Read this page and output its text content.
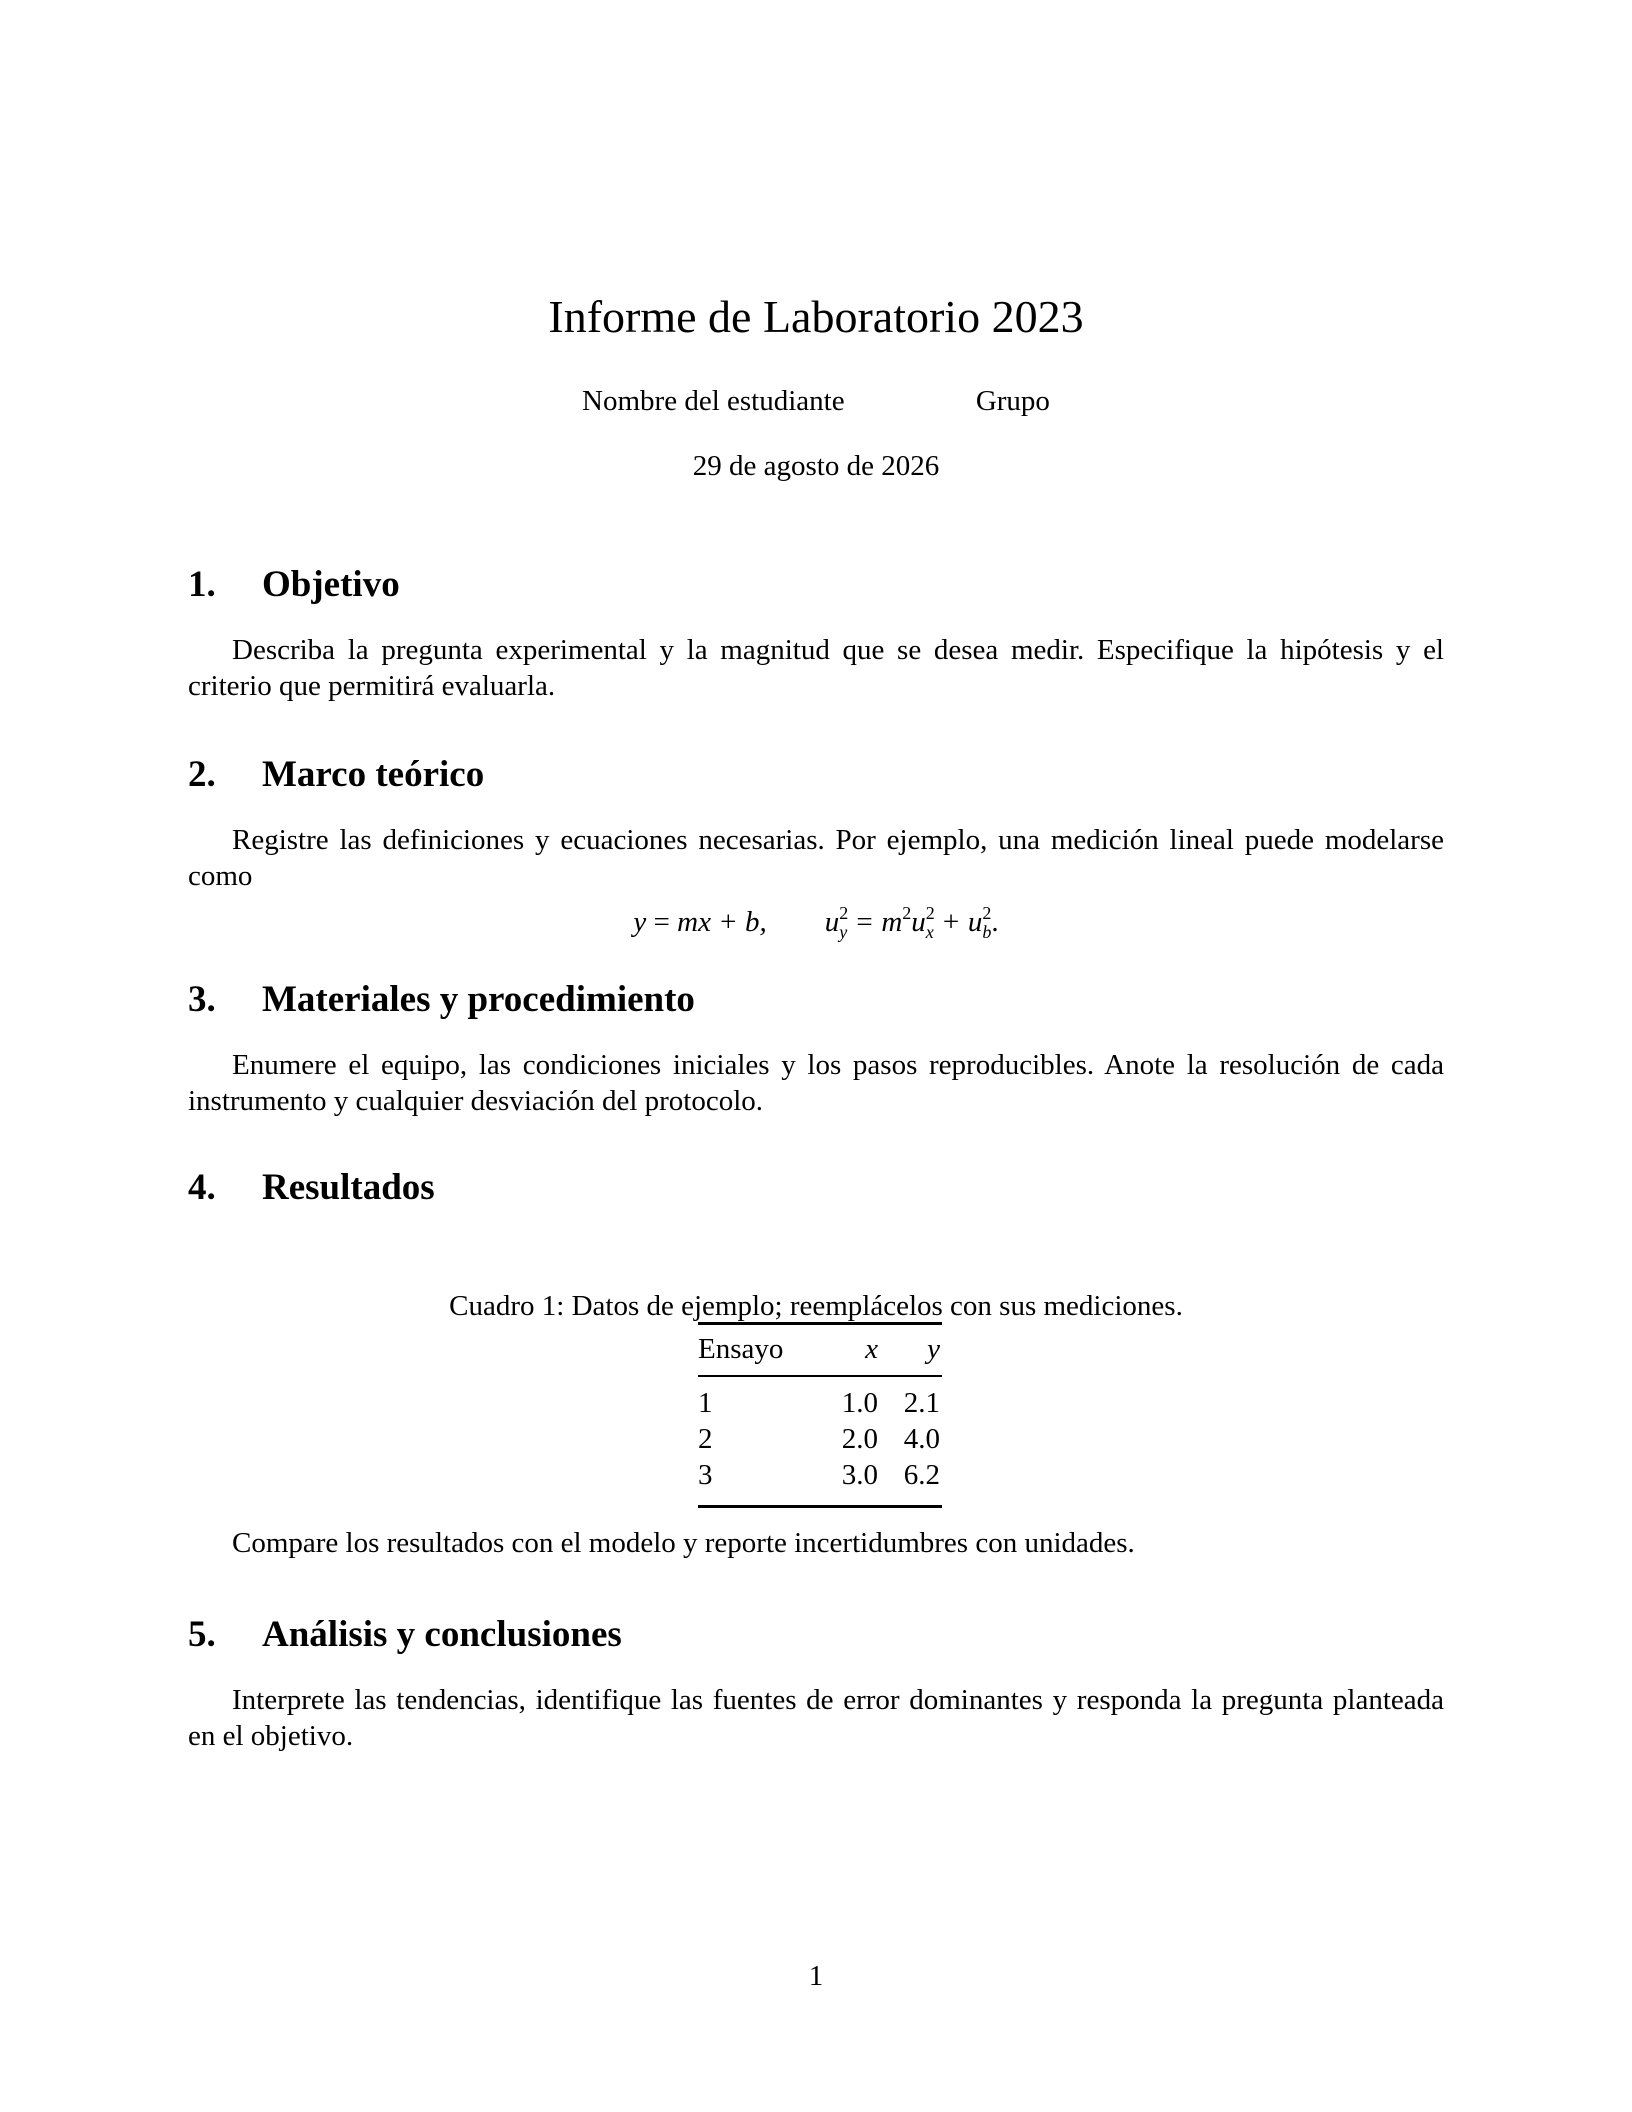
Informe de Laboratorio 2023
Nombre del estudiante	Grupo
29 de agosto de 2026
1. Objetivo

Describa la pregunta experimental y la magnitud que se desea medir. Especifique la hipótesis y el criterio que permitirá evaluarla.

2. Marco teórico

Registre las definiciones y ecuaciones necesarias. Por ejemplo, una medición lineal puede modelarse como

y = mx + b, $u^2_y = m^2u^2_x + u^2_b$.
3. Materiales y procedimiento

Enumere el equipo, las condiciones iniciales y los pasos reproducibles. Anote la resolución de cada instrumento y cualquier desviación del protocolo.

4. Resultados
Cuadro 1: Datos de ejemplo; reemplácelos con sus mediciones.
Ensayo	x	y
1	1.0	2.1
2	2.0	4.0
3	3.0	6.2

Compare los resultados con el modelo y reporte incertidumbres con unidades.

5. Análisis y conclusiones

Interprete las tendencias, identifique las fuentes de error dominantes y responda la pregunta planteada en el objetivo.

1
